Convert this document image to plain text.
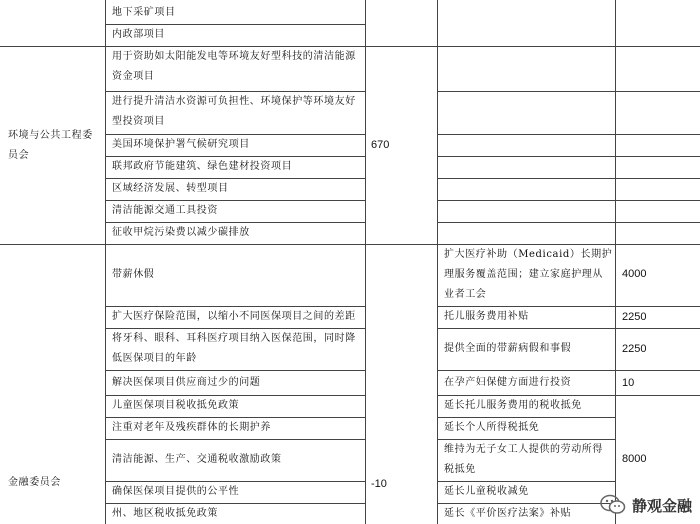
地下采矿项目
内政部项目
环境与公共工程委
员会
670
用于资助如太阳能发电等环境友好型科技的清洁能源
资金项目
进行提升清洁水资源可负担性、环境保护等环境友好
型投资项目
美国环境保护署气候研究项目
联邦政府节能建筑、绿色建材投资项目
区域经济发展、转型项目
清洁能源交通工具投资
征收甲烷污染费以减少碳排放
金融委员会	-10
带薪休假
扩大医疗保险范围，以缩小不同医保项目之间的差距
将牙科、眼科、耳科医疗项目纳入医保范围，同时降
低医保项目的年龄
解决医保项目供应商过少的问题
儿童医保项目税收抵免政策
注重对老年及残疾群体的长期护养
清洁能源、生产、交通税收激励政策
确保医保项目提供的公平性
州、地区税收抵免政策
扩大医疗补助（Medicaid）长期护
理服务覆盖范围；建立家庭护理从
业者工会
托儿服务费用补贴
提供全面的带薪病假和事假
在孕产妇保健方面进行投资
延长托儿服务费用的税收抵免
延长个人所得税抵免
维持为无子女工人提供的劳动所得
税抵免
延长儿童税收减免
延长《平价医疗法案》补贴
4000
2250
2250
10
8000
静观金融
